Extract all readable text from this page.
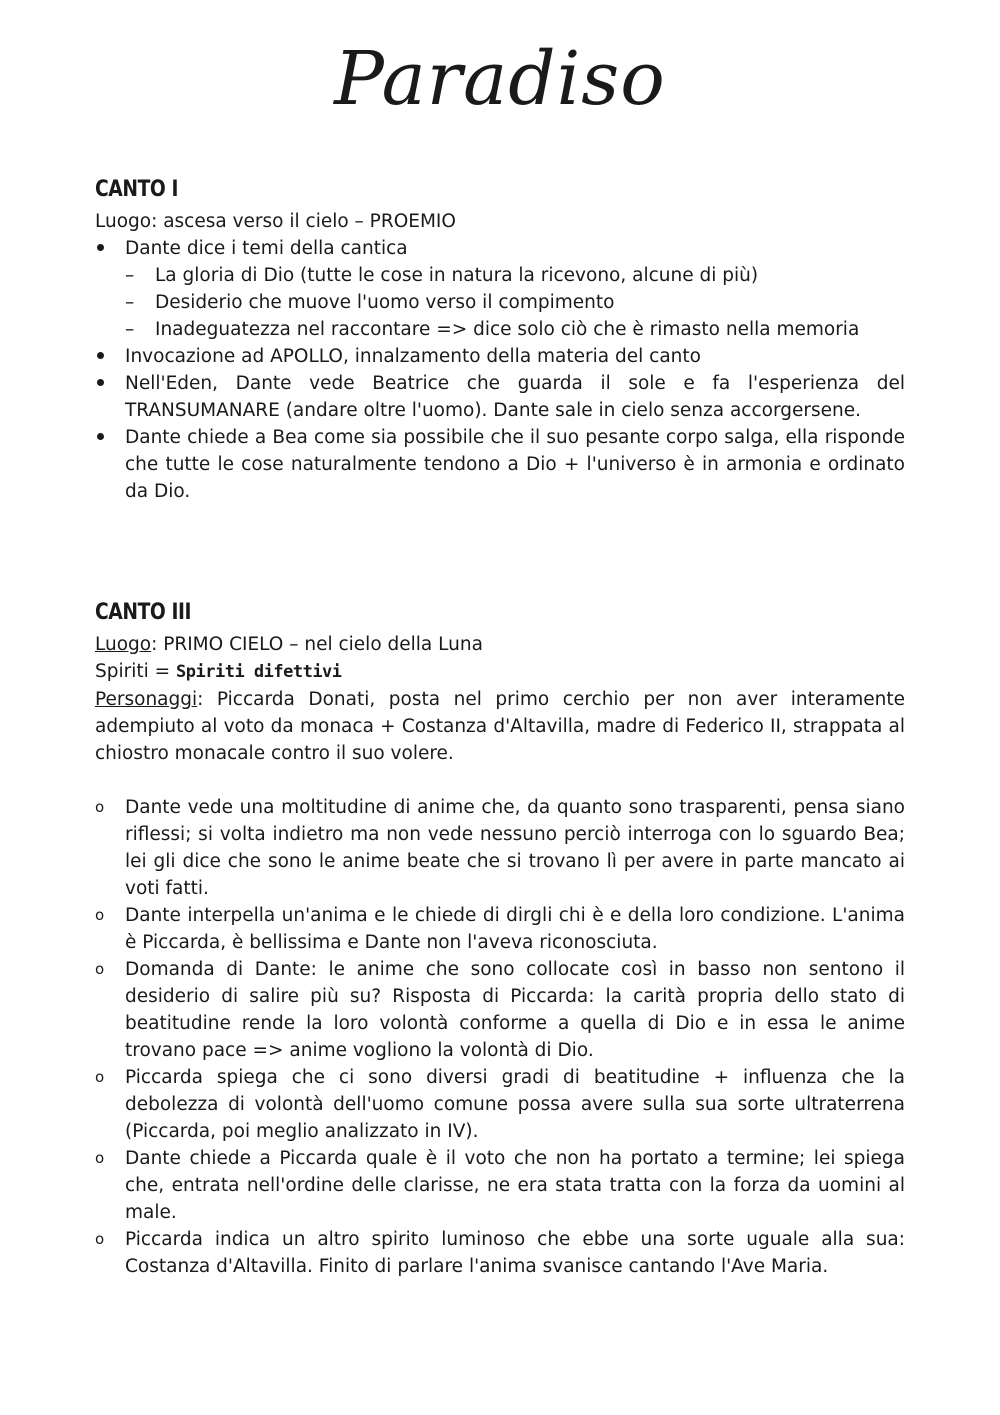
Paradiso

CANTO I

Luogo: ascesa verso il cielo – PROEMIO

Dante dice i temi della cantica
– La gloria di Dio (tutte le cose in natura la ricevono, alcune di più)
– Desiderio che muove l'uomo verso il compimento
– Inadeguatezza nel raccontare => dice solo ciò che è rimasto nella memoria
Invocazione ad APOLLO, innalzamento della materia del canto
Nell'Eden, Dante vede Beatrice che guarda il sole e fa l'esperienza del TRANSUMANARE (andare oltre l'uomo). Dante sale in cielo senza accorgersene.
Dante chiede a Bea come sia possibile che il suo pesante corpo salga, ella risponde che tutte le cose naturalmente tendono a Dio + l'universo è in armonia e ordinato da Dio.

CANTO III

Luogo: PRIMO CIELO – nel cielo della Luna

Spiriti = Spiriti difettivi

Personaggi: Piccarda Donati, posta nel primo cerchio per non aver interamente adempiuto al voto da monaca + Costanza d'Altavilla, madre di Federico II, strappata al chiostro monacale contro il suo volere.

o Dante vede una moltitudine di anime che, da quanto sono trasparenti, pensa siano riflessi; si volta indietro ma non vede nessuno perciò interroga con lo sguardo Bea; lei gli dice che sono le anime beate che si trovano lì per avere in parte mancato ai voti fatti.
o Dante interpella un'anima e le chiede di dirgli chi è e della loro condizione. L'anima è Piccarda, è bellissima e Dante non l'aveva riconosciuta.
o Domanda di Dante: le anime che sono collocate così in basso non sentono il desiderio di salire più su? Risposta di Piccarda: la carità propria dello stato di beatitudine rende la loro volontà conforme a quella di Dio e in essa le anime trovano pace => anime vogliono la volontà di Dio.
o Piccarda spiega che ci sono diversi gradi di beatitudine + influenza che la debolezza di volontà dell'uomo comune possa avere sulla sua sorte ultraterrena (Piccarda, poi meglio analizzato in IV).
o Dante chiede a Piccarda quale è il voto che non ha portato a termine; lei spiega che, entrata nell'ordine delle clarisse, ne era stata tratta con la forza da uomini al male.
o Piccarda indica un altro spirito luminoso che ebbe una sorte uguale alla sua: Costanza d'Altavilla. Finito di parlare l'anima svanisce cantando l'Ave Maria.
